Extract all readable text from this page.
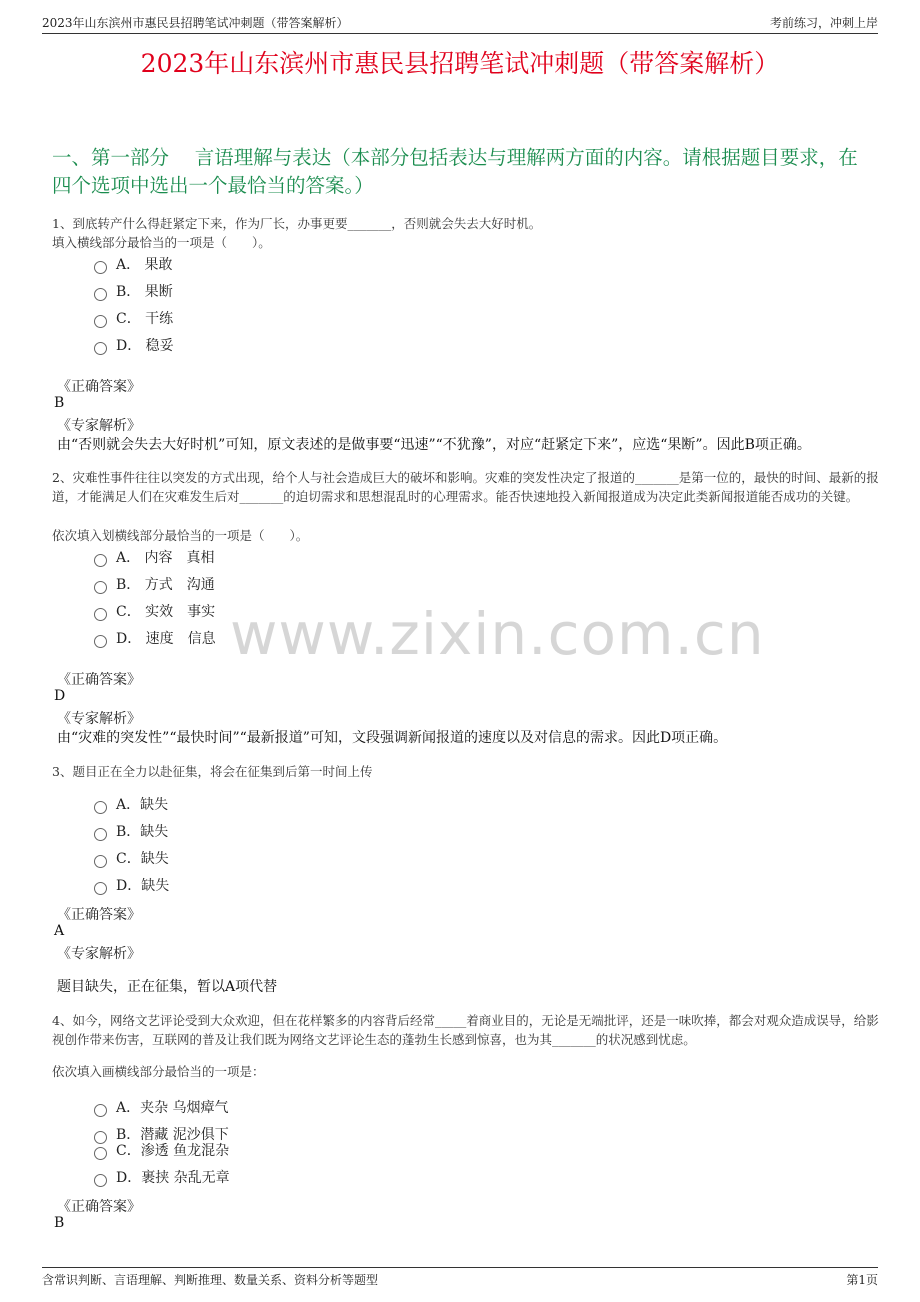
www.zixin.com.cn
2023年山东滨州市惠民县招聘笔试冲刺题（带答案解析）	考前练习，冲刺上岸
2023年山东滨州市惠民县招聘笔试冲刺题（带答案解析）
一、第一部分　 言语理解与表达（本部分包括表达与理解两方面的内容。请根据题目要求，在四个选项中选出一个最恰当的答案。）
1、到底转产什么得赶紧定下来，作为厂长，办事更要_______，否则就会失去大好时机。
填入横线部分最恰当的一项是（　　）。
A． 果敢
B． 果断
C． 干练
D． 稳妥
《正确答案》
B
《专家解析》
由“否则就会失去大好时机”可知，原文表述的是做事要“迅速”“不犹豫”，对应“赶紧定下来”，应选“果断”。因此B项正确。
2、灾难性事件往往以突发的方式出现，给个人与社会造成巨大的破坏和影响。灾难的突发性决定了报道的_______是第一位的，最快的时间、最新的报道，才能满足人们在灾难发生后对_______的迫切需求和思想混乱时的心理需求。能否快速地投入新闻报道成为决定此类新闻报道能否成功的关键。
依次填入划横线部分最恰当的一项是（　　）。
A． 内容　真相
B． 方式　沟通
C． 实效　事实
D． 速度　信息
《正确答案》
D
《专家解析》
由“灾难的突发性”“最快时间”“最新报道”可知，文段强调新闻报道的速度以及对信息的需求。因此D项正确。
3、题目正在全力以赴征集，将会在征集到后第一时间上传
A．缺失
B．缺失
C．缺失
D．缺失
《正确答案》
A
《专家解析》
题目缺失，正在征集，暂以A项代替
4、如今，网络文艺评论受到大众欢迎，但在花样繁多的内容背后经常_____着商业目的，无论是无端批评，还是一味吹捧，都会对观众造成误导，给影视创作带来伤害，互联网的普及让我们既为网络文艺评论生态的蓬勃生长感到惊喜，也为其_______的状况感到忧虑。
依次填入画横线部分最恰当的一项是：
A．夹杂 乌烟瘴气
B．潜藏 泥沙俱下
C．渗透 鱼龙混杂
D．裹挟 杂乱无章
《正确答案》
B
含常识判断、言语理解、判断推理、数量关系、资料分析等题型	第1页
